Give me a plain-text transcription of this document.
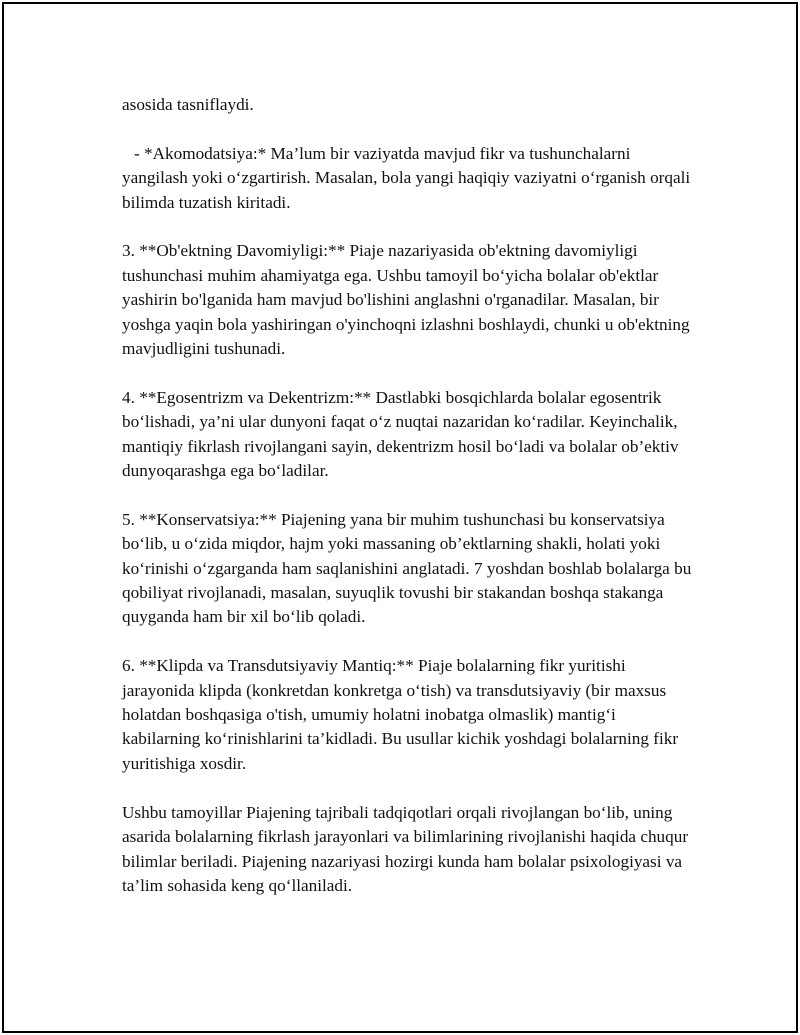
asosida tasniflaydi.

- *Akomodatsiya:* Ma’lum bir vaziyatda mavjud fikr va tushunchalarni yangilash yoki o‘zgartirish. Masalan, bola yangi haqiqiy vaziyatni o‘rganish orqali bilimda tuzatish kiritadi.

3. **Ob'ektning Davomiyligi:** Piaje nazariyasida ob'ektning davomiyligi tushunchasi muhim ahamiyatga ega. Ushbu tamoyil bo‘yicha bolalar ob'ektlar yashirin bo'lganida ham mavjud bo'lishini anglashni o'rganadilar. Masalan, bir yoshga yaqin bola yashiringan o'yinchoqni izlashni boshlaydi, chunki u ob'ektning mavjudligini tushunadi.

4. **Egosentrizm va Dekentrizm:** Dastlabki bosqichlarda bolalar egosentrik bo‘lishadi, ya’ni ular dunyoni faqat o‘z nuqtai nazaridan ko‘radilar. Keyinchalik, mantiqiy fikrlash rivojlangani sayin, dekentrizm hosil bo‘ladi va bolalar ob’ektiv dunyoqarashga ega bo‘ladilar.

5. **Konservatsiya:** Piajening yana bir muhim tushunchasi bu konservatsiya bo‘lib, u o‘zida miqdor, hajm yoki massaning ob’ektlarning shakli, holati yoki ko‘rinishi o‘zgarganda ham saqlanishini anglatadi. 7 yoshdan boshlab bolalarga bu qobiliyat rivojlanadi, masalan, suyuqlik tovushi bir stakandan boshqa stakanga quyganda ham bir xil bo‘lib qoladi.

6. **Klipda va Transdutsiyaviy Mantiq:** Piaje bolalarning fikr yuritishi jarayonida klipda (konkretdan konkretga o‘tish) va transdutsiyaviy (bir maxsus holatdan boshqasiga o'tish, umumiy holatni inobatga olmaslik) mantig‘i kabilarning ko‘rinishlarini ta’kidladi. Bu usullar kichik yoshdagi bolalarning fikr yuritishiga xosdir.

Ushbu tamoyillar Piajening tajribali tadqiqotlari orqali rivojlangan bo‘lib, uning asarida bolalarning fikrlash jarayonlari va bilimlarining rivojlanishi haqida chuqur bilimlar beriladi. Piajening nazariyasi hozirgi kunda ham bolalar psixologiyasi va ta’lim sohasida keng qo‘llaniladi.
